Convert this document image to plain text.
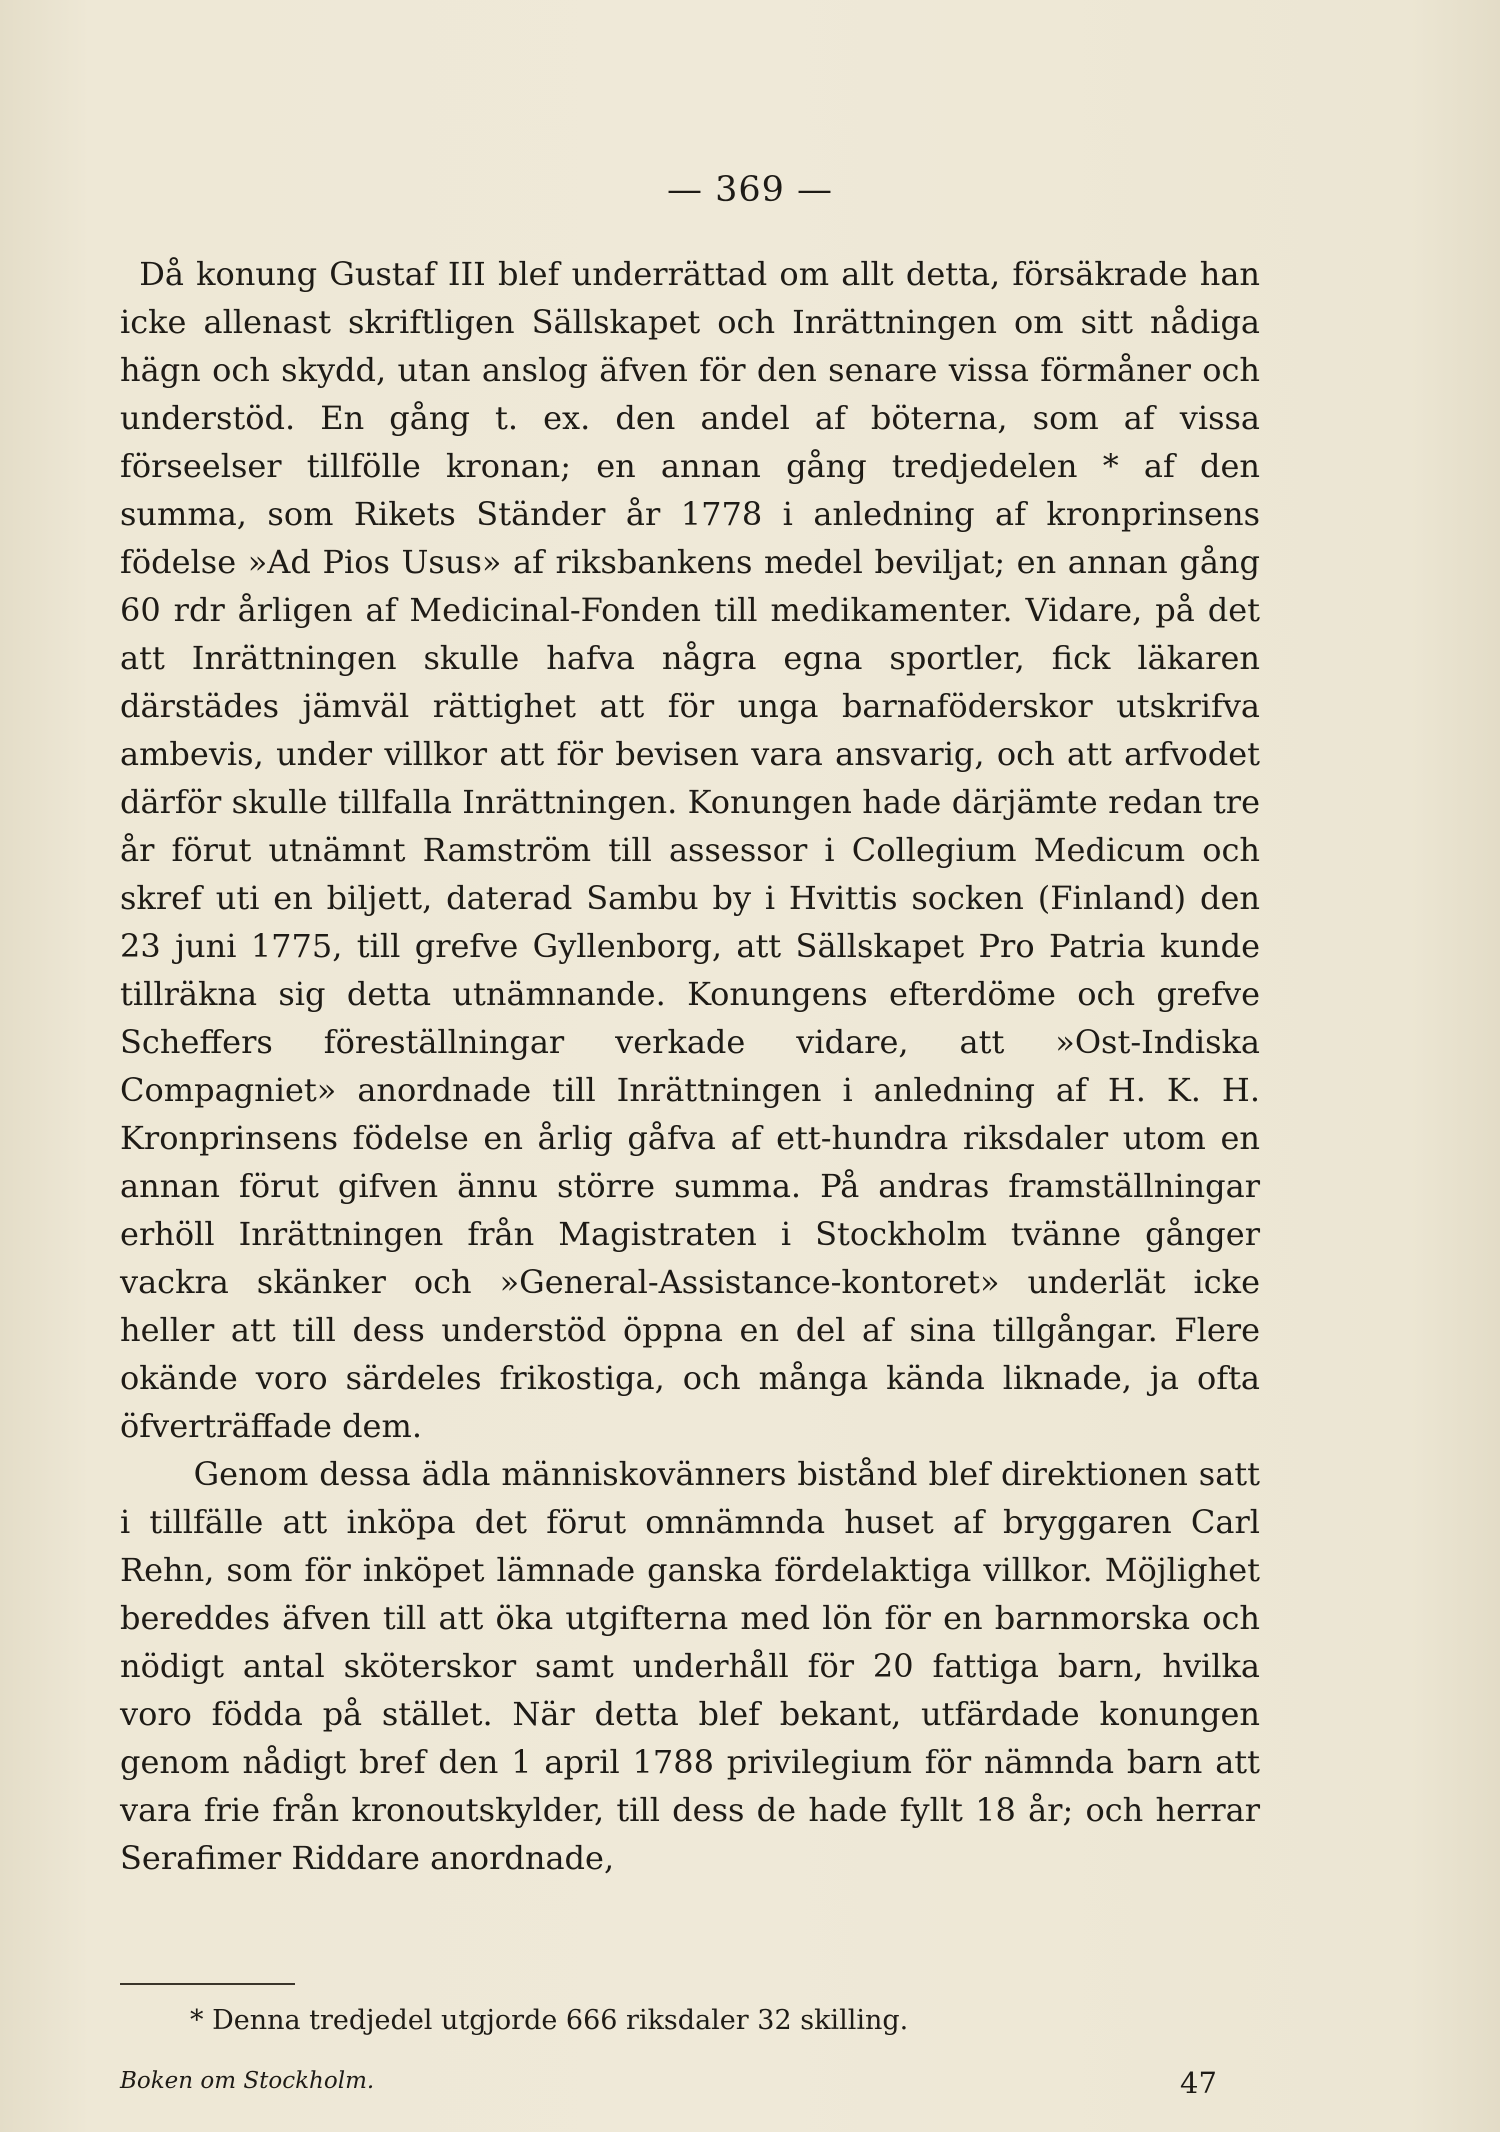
— 369 —

Då konung Gustaf III blef underrättad om allt detta, försäkrade han icke allenast skriftligen Sällskapet och Inrättningen om sitt nådiga hägn och skydd, utan anslog äfven för den senare vissa förmåner och understöd. En gång t. ex. den andel af böterna, som af vissa förseelser tillfölle kronan; en annan gång tredjedelen * af den summa, som Rikets Ständer år 1778 i anledning af kronprinsens födelse »Ad Pios Usus» af riksbankens medel beviljat; en annan gång 60 rdr årligen af Medicinal-Fonden till medikamenter. Vidare, på det att Inrättningen skulle hafva några egna sportler, fick läkaren därstädes jämväl rättighet att för unga barnaföderskor utskrifva ambevis, under villkor att för bevisen vara ansvarig, och att arfvodet därför skulle tillfalla Inrättningen. Konungen hade därjämte redan tre år förut utnämnt Ramström till assessor i Collegium Medicum och skref uti en biljett, daterad Sambu by i Hvittis socken (Finland) den 23 juni 1775, till grefve Gyllenborg, att Sällskapet Pro Patria kunde tillräkna sig detta utnämnande. Konungens efterdöme och grefve Scheffers föreställningar verkade vidare, att »Ost-Indiska Compagniet» anordnade till Inrättningen i anledning af H. K. H. Kronprinsens födelse en årlig gåfva af ett-hundra riksdaler utom en annan förut gifven ännu större summa. På andras framställningar erhöll Inrättningen från Magistraten i Stockholm tvänne gånger vackra skänker och »General-Assistance-kontoret» underlät icke heller att till dess understöd öppna en del af sina tillgångar. Flere okände voro särdeles frikostiga, och många kända liknade, ja ofta öfverträffade dem.

Genom dessa ädla människovänners bistånd blef direktionen satt i tillfälle att inköpa det förut omnämnda huset af bryggaren Carl Rehn, som för inköpet lämnade ganska fördelaktiga villkor. Möjlighet bereddes äfven till att öka utgifterna med lön för en barnmorska och nödigt antal sköterskor samt underhåll för 20 fattiga barn, hvilka voro födda på stället. När detta blef bekant, utfärdade konungen genom nådigt bref den 1 april 1788 privilegium för nämnda barn att vara frie från kronoutskylder, till dess de hade fyllt 18 år; och herrar Serafimer Riddare anordnade,

* Denna tredjedel utgjorde 666 riksdaler 32 skilling.
Boken om Stockholm.	47
